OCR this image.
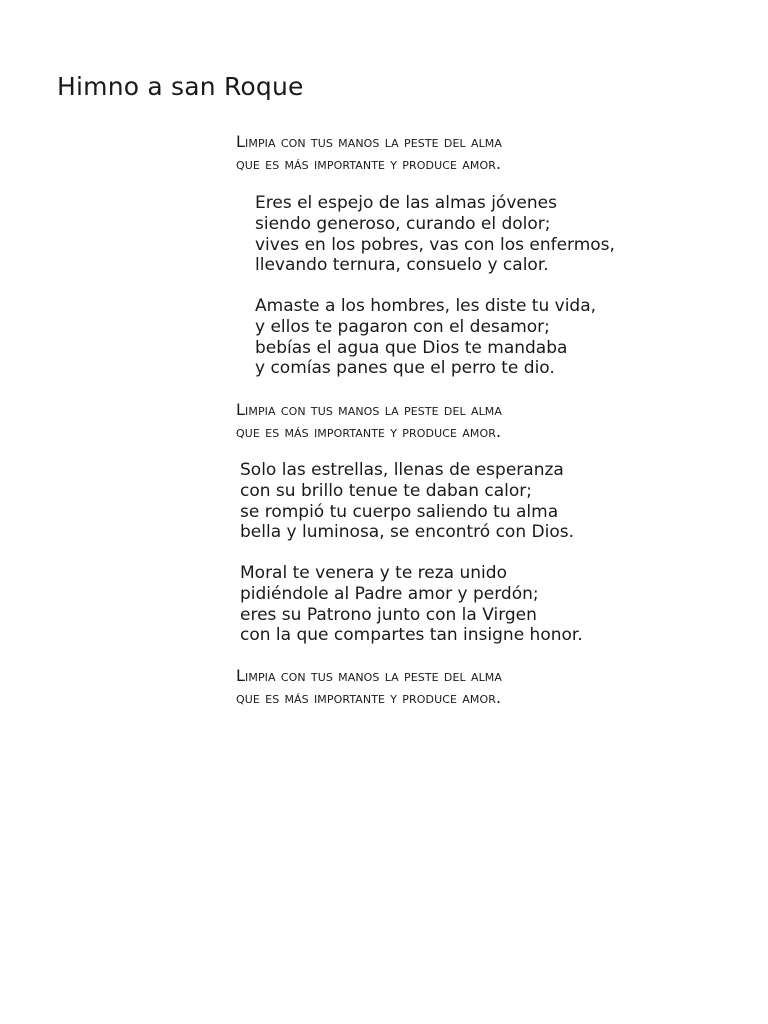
Himno a san Roque
Limpia con tus manos la peste del alma
que es más importante y produce amor.
Eres el espejo de las almas jóvenes
siendo generoso, curando el dolor;
vives en los pobres, vas con los enfermos,
llevando ternura, consuelo y calor.
Amaste a los hombres, les diste tu vida,
y ellos te pagaron con el desamor;
bebías el agua que Dios te mandaba
y comías panes que el perro te dio.
Limpia con tus manos la peste del alma
que es más importante y produce amor.
Solo las estrellas, llenas de esperanza
con su brillo tenue te daban calor;
se rompió tu cuerpo saliendo tu alma
bella y luminosa, se encontró con Dios.
Moral te venera y te reza unido
pidiéndole al Padre amor y perdón;
eres su Patrono junto con la Virgen
con la que compartes tan insigne honor.
Limpia con tus manos la peste del alma
que es más importante y produce amor.
